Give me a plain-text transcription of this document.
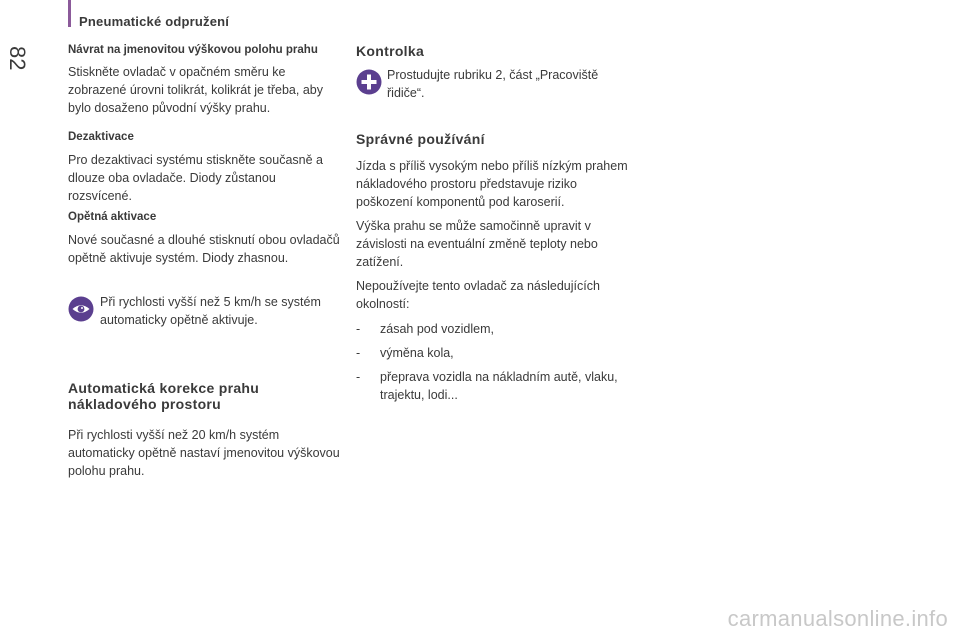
Pneumatické odpružení
82	Návrat na jmenovitou výškovou polohu prahu

Stiskněte ovladač v opačném směru ke zobrazené úrovni tolikrát, kolikrát je třeba, aby bylo dosaženo původní výšky prahu.

Dezaktivace

Pro dezaktivaci systému stiskněte současně a dlouze oba ovladače. Diody zůstanou rozsvícené.

Opětná aktivace

Nové současné a dlouhé stisknutí obou ovladačů opětně aktivuje systém. Diody zhasnou.

Při rychlosti vyšší než 5 km/h se systém automaticky opětně aktivuje.
Automatická korekce prahu nákladového prostoru

Při rychlosti vyšší než 20 km/h systém automaticky opětně nastaví jmenovitou výškovou polohu prahu.

Kontrolka
Prostudujte rubriku 2, část „Pracoviště řidiče“.
Správné používání

Jízda s příliš vysokým nebo příliš nízkým prahem nákladového prostoru představuje riziko poškození komponentů pod karoserií.

Výška prahu se může samočinně upravit v závislosti na eventuální změně teploty nebo zatížení.

Nepoužívejte tento ovladač za následujících okolností:

- zásah pod vozidlem,
- výměna kola,
- přeprava vozidla na nákladním autě, vlaku, trajektu, lodi...
carmanualsonline.info
